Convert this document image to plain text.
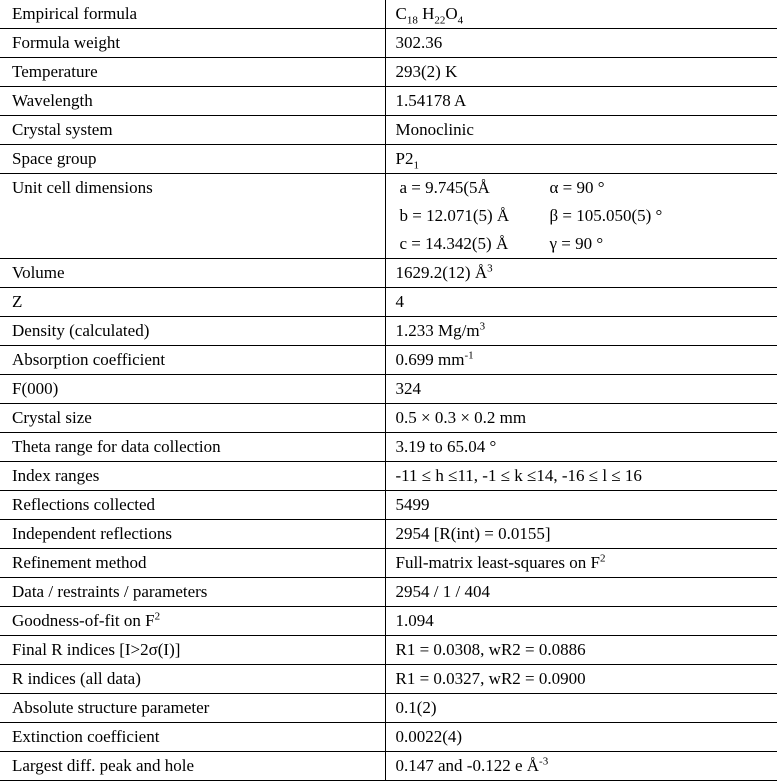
Empirical formula	$C_{18}$ $H_{22}O_4$
Formula weight	302.36
Temperature	293(2) K
Wavelength	1.54178 A
Crystal system	Monoclinic
Space group	$P2_1$
Unit cell dimensions	a = 9.745(5Å α = 90 °
b = 12.071(5) Å β = 105.050(5) °
c = 14.342(5) Å γ = 90 °

Volume	1629.2(12) $Å^3$
Z	4
Density (calculated)	1.233 $Mg/m^3$
Absorption coefficient	0.699 $mm^{-1}$
F(000)	324
Crystal size	0.5 × 0.3 × 0.2 mm
Theta range for data collection	3.19 to 65.04 °
Index ranges	-11 ≤ h ≤11, -1 ≤ k ≤14, -16 ≤ l ≤ 16
Reflections collected	5499
Independent reflections	2954 [R(int) = 0.0155]
Refinement method	Full-matrix least-squares on $F^2$
Data / restraints / parameters	2954 / 1 / 404
Goodness-of-fit on $F^2$	1.094
Final R indices [I>2σ(I)]	R1 = 0.0308, wR2 = 0.0886
R indices (all data)	R1 = 0.0327, wR2 = 0.0900
Absolute structure parameter	0.1(2)
Extinction coefficient	0.0022(4)
Largest diff. peak and hole	0.147 and -0.122 e $Å^{-3}$
